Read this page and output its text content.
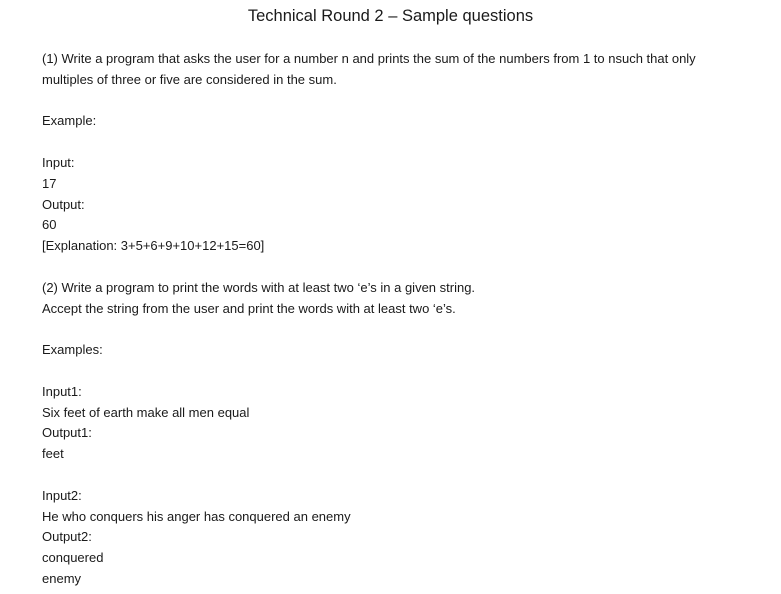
Technical Round 2 – Sample questions
(1) Write a program that asks the user for a number n and prints the sum of the numbers from 1 to nsuch that only
multiples of three or five are considered in the sum.
Example:
Input:
17
Output:
60
[Explanation: 3+5+6+9+10+12+15=60]
(2) Write a program to print the words with at least two ‘e’s in a given string.
Accept the string from the user and print the words with at least two ‘e’s.
Examples:
Input1:
Six feet of earth make all men equal
Output1:
feet
Input2:
He who conquers his anger has conquered an enemy
Output2:
conquered
enemy
